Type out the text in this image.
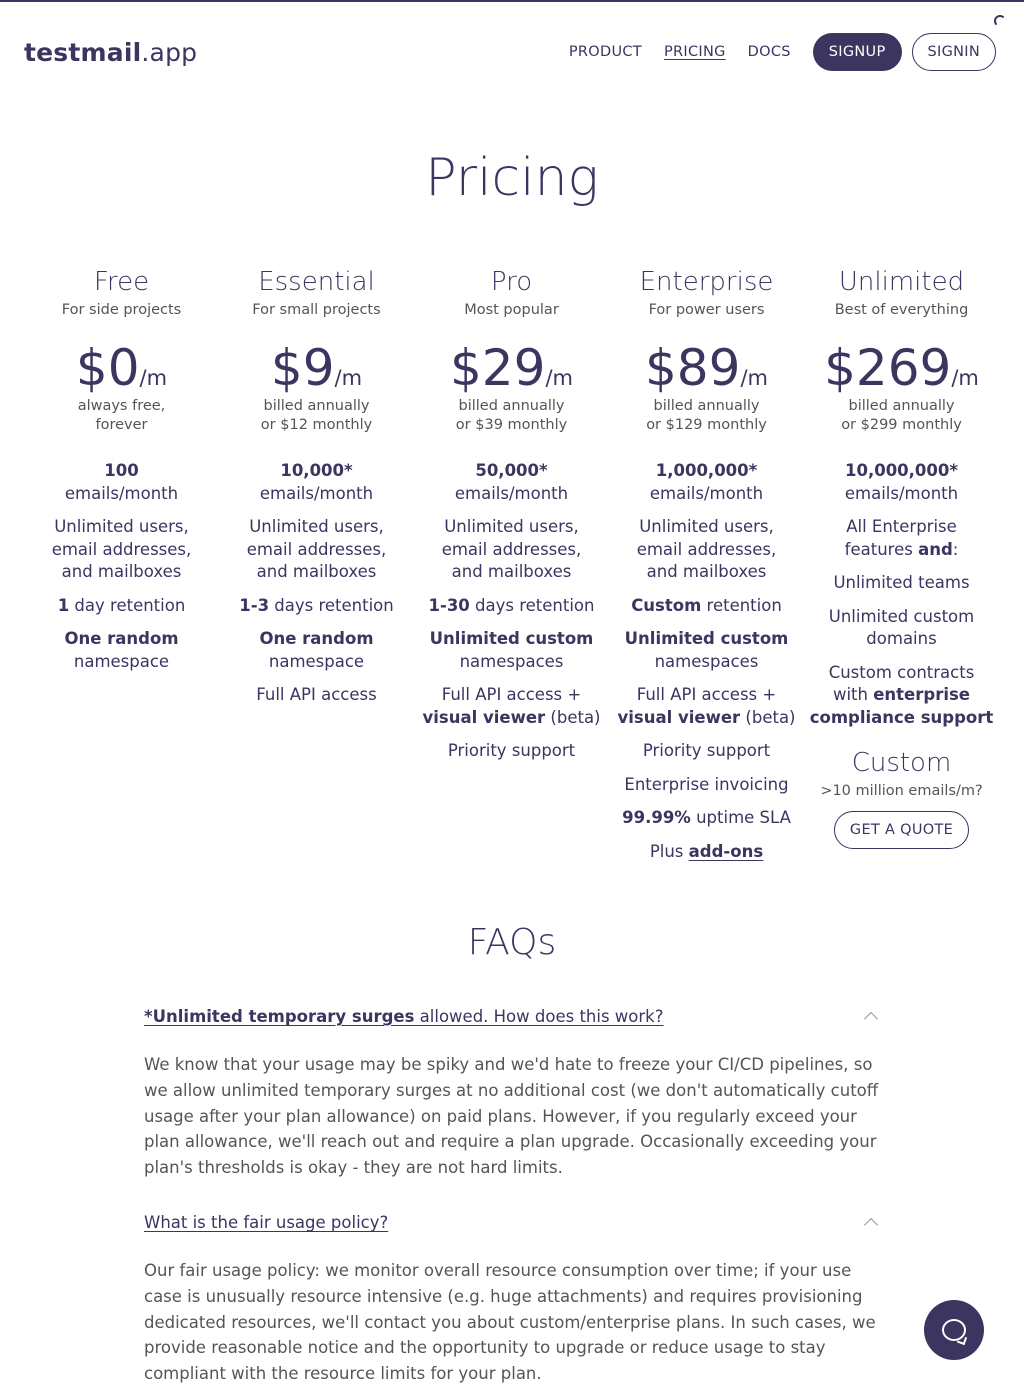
testmail.app	PRODUCT PRICING DOCS	SIGNUP	SIGNIN
Pricing
Free
For side projects
$0/m
always free,
forever
100
emails/month
Unlimited users,
email addresses,
and mailboxes
1 day retention
One random
namespace
Essential
For small projects
$9/m
billed annually
or $12 monthly
10,000*
emails/month
Unlimited users,
email addresses,
and mailboxes
1-3 days retention
One random
namespace
Full API access
Pro
Most popular
$29/m
billed annually
or $39 monthly
50,000*
emails/month
Unlimited users,
email addresses,
and mailboxes
1-30 days retention
Unlimited custom
namespaces
Full API access +
visual viewer (beta)
Priority support
Enterprise
For power users
$89/m
billed annually
or $129 monthly
1,000,000*
emails/month
Unlimited users,
email addresses,
and mailboxes
Custom retention
Unlimited custom
namespaces
Full API access +
visual viewer (beta)
Priority support
Enterprise invoicing
99.99% uptime SLA
Plus add-ons
Unlimited
Best of everything
$269/m
billed annually
or $299 monthly
10,000,000*
emails/month
All Enterprise
features and:
Unlimited teams
Unlimited custom
domains
Custom contracts
with enterprise
compliance support
Custom
>10 million emails/m?
GET A QUOTE
FAQs
*Unlimited temporary surges allowed. How does this work?
We know that your usage may be spiky and we'd hate to freeze your CI/CD pipelines, so we allow unlimited temporary surges at no additional cost (we don't automatically cutoff usage after your plan allowance) on paid plans. However, if you regularly exceed your plan allowance, we'll reach out and require a plan upgrade. Occasionally exceeding your plan's thresholds is okay - they are not hard limits.
What is the fair usage policy?
Our fair usage policy: we monitor overall resource consumption over time; if your use case is unusually resource intensive (e.g. huge attachments) and requires provisioning dedicated resources, we'll contact you about custom/enterprise plans. In such cases, we provide reasonable notice and the opportunity to upgrade or reduce usage to stay compliant with the resource limits for your plan.
